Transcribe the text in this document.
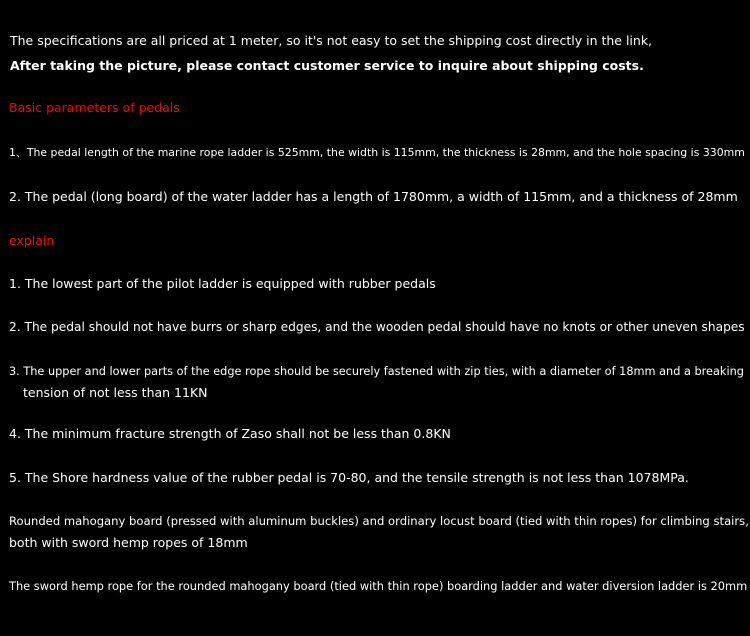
The specifications are all priced at 1 meter, so it's not easy to set the shipping cost directly in the link,

After taking the picture, please contact customer service to inquire about shipping costs.

Basic parameters of pedals

1、The pedal length of the marine rope ladder is 525mm, the width is 115mm, the thickness is 28mm, and the hole spacing is 330mm

2. The pedal (long board) of the water ladder has a length of 1780mm, a width of 115mm, and a thickness of 28mm

explain

1. The lowest part of the pilot ladder is equipped with rubber pedals

2. The pedal should not have burrs or sharp edges, and the wooden pedal should have no knots or other uneven shapes

3. The upper and lower parts of the edge rope should be securely fastened with zip ties, with a diameter of 18mm and a breaking

tension of not less than 11KN

4. The minimum fracture strength of Zaso shall not be less than 0.8KN

5. The Shore hardness value of the rubber pedal is 70-80, and the tensile strength is not less than 1078MPa.

Rounded mahogany board (pressed with aluminum buckles) and ordinary locust board (tied with thin ropes) for climbing stairs,

both with sword hemp ropes of 18mm

The sword hemp rope for the rounded mahogany board (tied with thin rope) boarding ladder and water diversion ladder is 20mm
